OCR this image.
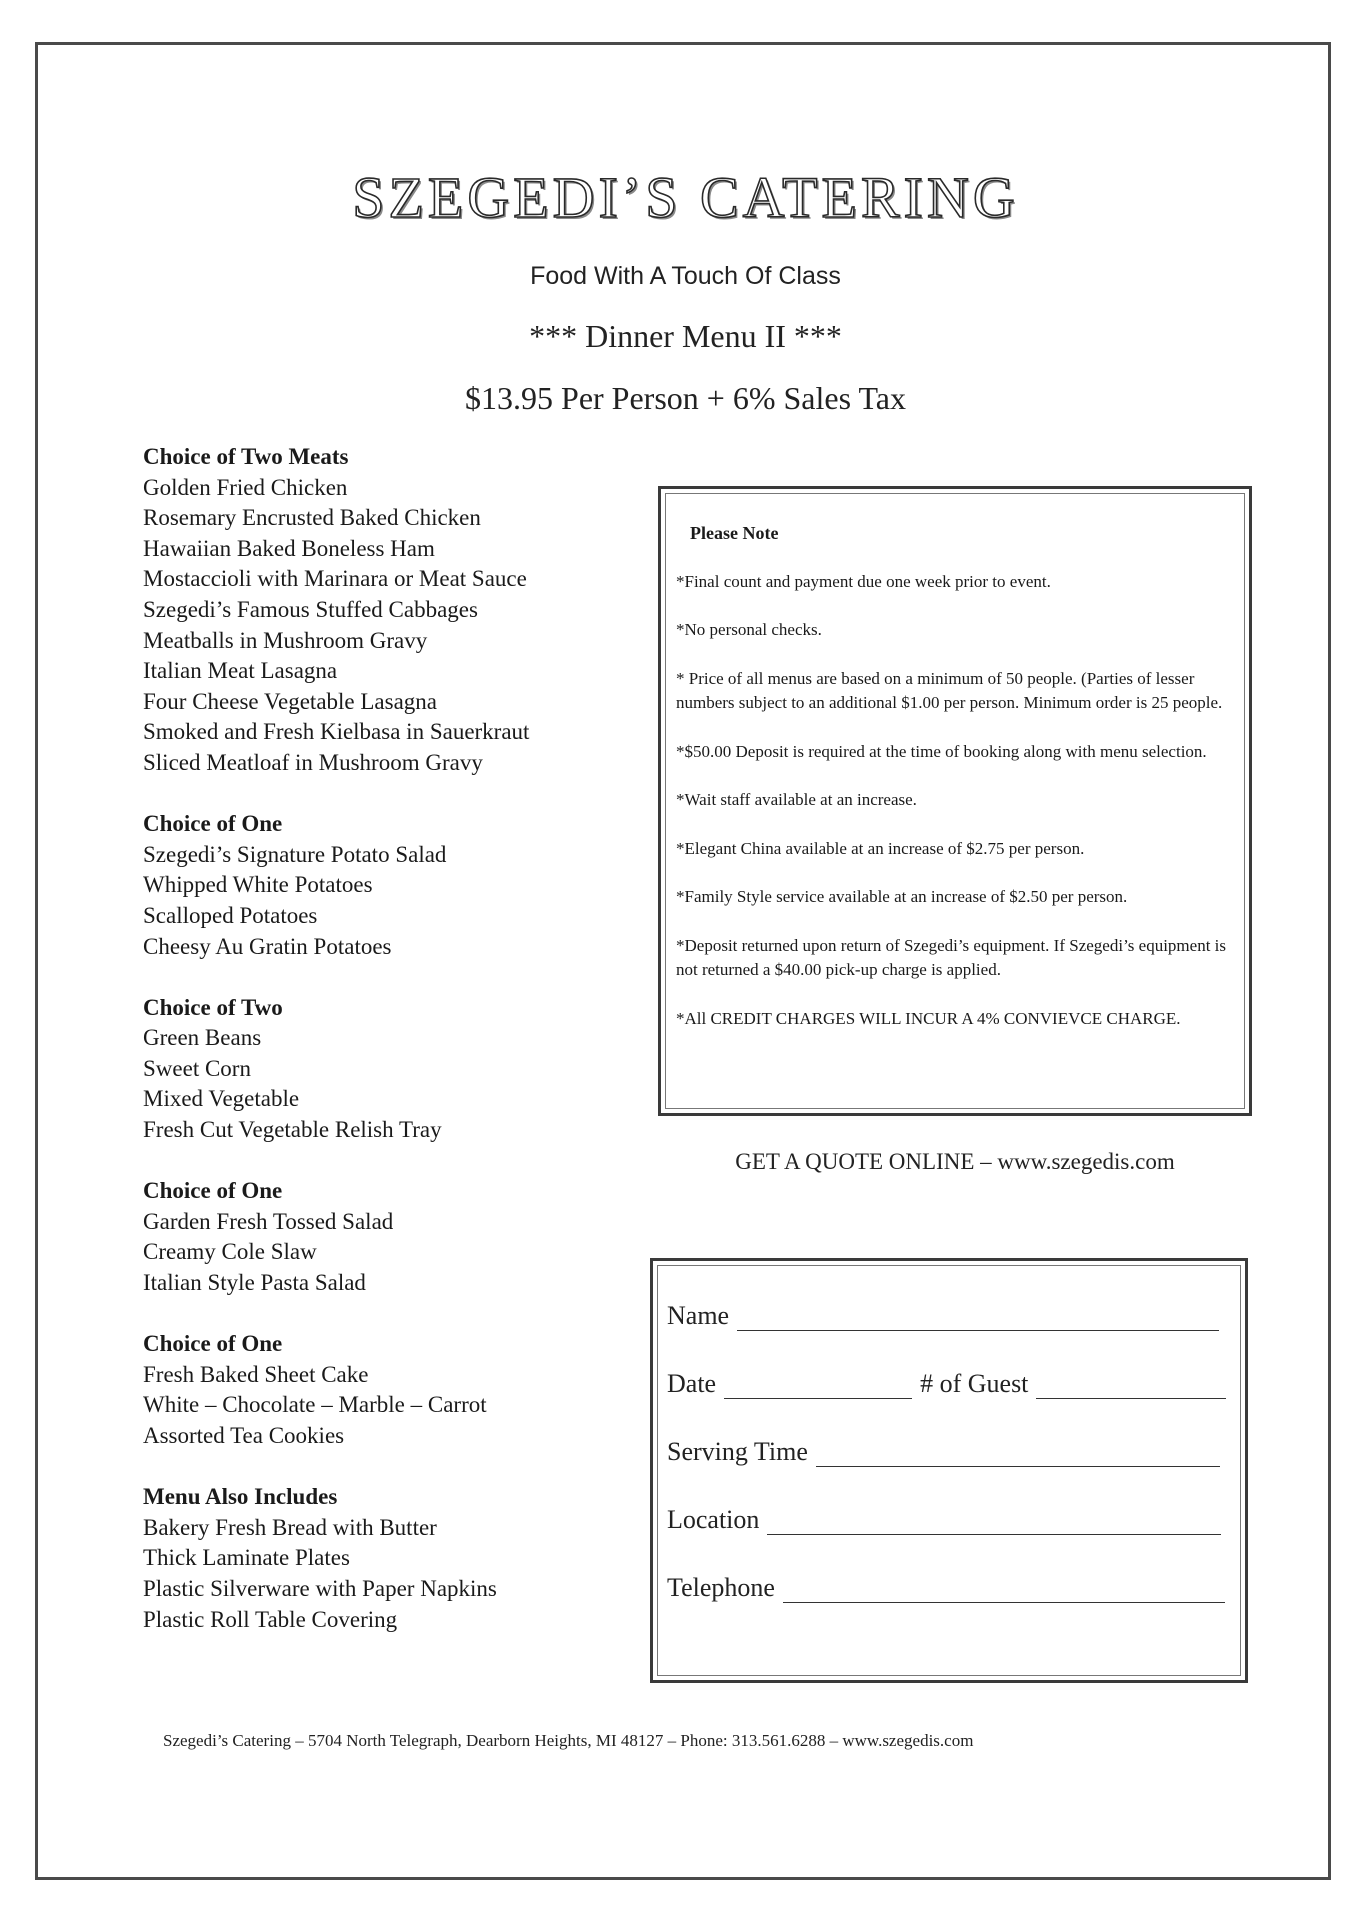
SZEGEDI’S CATERING
Food With A Touch Of Class
*** Dinner Menu II ***
$13.95 Per Person + 6% Sales Tax
Choice of Two Meats
Golden Fried Chicken
Rosemary Encrusted Baked Chicken
Hawaiian Baked Boneless Ham
Mostaccioli with Marinara or Meat Sauce
Szegedi’s Famous Stuffed Cabbages
Meatballs in Mushroom Gravy
Italian Meat Lasagna
Four Cheese Vegetable Lasagna
Smoked and Fresh Kielbasa in Sauerkraut
Sliced Meatloaf in Mushroom Gravy
Choice of One
Szegedi’s Signature Potato Salad
Whipped White Potatoes
Scalloped Potatoes
Cheesy Au Gratin Potatoes
Choice of Two
Green Beans
Sweet Corn
Mixed Vegetable
Fresh Cut Vegetable Relish Tray
Choice of One
Garden Fresh Tossed Salad
Creamy Cole Slaw
Italian Style Pasta Salad
Choice of One
Fresh Baked Sheet Cake
White – Chocolate – Marble – Carrot
Assorted Tea Cookies
Menu Also Includes
Bakery Fresh Bread with Butter
Thick Laminate Plates
Plastic Silverware with Paper Napkins
Plastic Roll Table Covering
Please Note
*Final count and payment due one week prior to event.
*No personal checks.
* Price of all menus are based on a minimum of 50 people. (Parties of lesser numbers subject to an additional $1.00 per person. Minimum order is 25 people.
*$50.00 Deposit is required at the time of booking along with menu selection.
*Wait staff available at an increase.
*Elegant China available at an increase of $2.75 per person.
*Family Style service available at an increase of $2.50 per person.
*Deposit returned upon return of Szegedi’s equipment. If Szegedi’s equipment is not returned a $40.00 pick-up charge is applied.
*All CREDIT CHARGES WILL INCUR A 4% CONVIEVCE CHARGE.
GET A QUOTE ONLINE – www.szegedis.com
Name
Date	# of Guest
Serving Time
Location
Telephone
Szegedi’s Catering – 5704 North Telegraph, Dearborn Heights, MI 48127 – Phone: 313.561.6288 – www.szegedis.com
